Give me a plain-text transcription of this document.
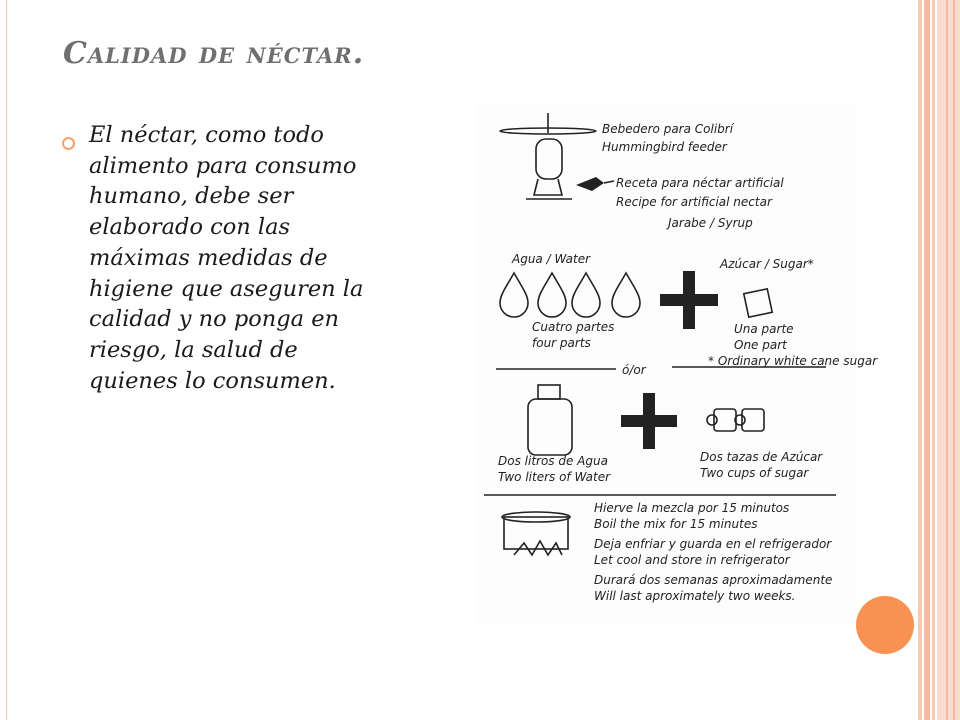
Calidad de néctar.

El néctar, como todo
alimento para consumo
humano, debe ser
elaborado con las
máximas medidas de
higiene que aseguren la
calidad y no ponga en
riesgo, la salud de
quienes lo consumen.

Bebedero para Colibrí
Hummingbird feeder
Receta para néctar artificial
Recipe for artificial nectar
Jarabe / Syrup
Agua / Water
Cuatro partes
four parts
Azúcar / Sugar*
Una parte
One part
* Ordinary white cane sugar
ó/or
Dos litros de Agua
Two liters of Water
Dos tazas de Azúcar
Two cups of sugar
Hierve la mezcla por 15 minutos
Boil the mix for 15 minutes
Deja enfriar y guarda en el refrigerador
Let cool and store in refrigerator
Durará dos semanas aproximadamente
Will last aproximately two weeks.
